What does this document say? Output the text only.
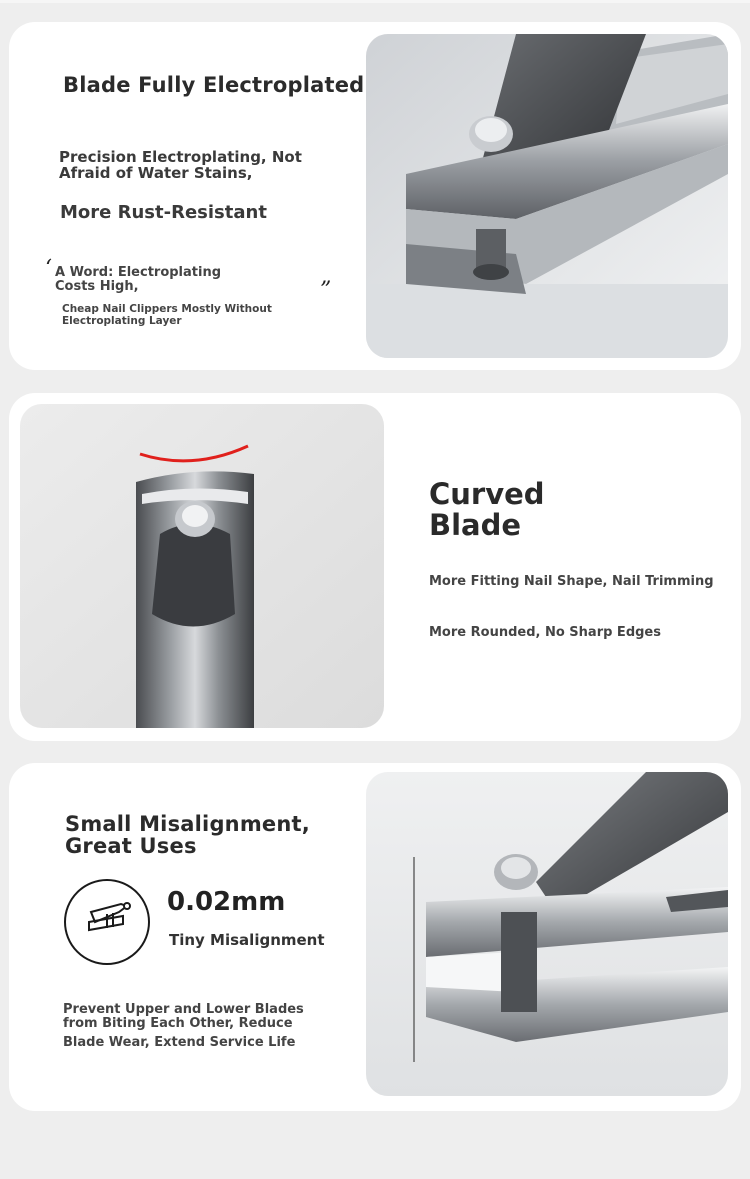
Blade Fully Electroplated
Precision Electroplating, Not
Afraid of Water Stains,
More Rust-Resistant
‘ A Word: Electroplating
Costs High,
Cheap Nail Clippers Mostly Without
Electroplating Layer
”
Curved
Blade
More Fitting Nail Shape, Nail Trimming
More Rounded, No Sharp Edges
Small Misalignment,
Great Uses
0.02mm
Tiny Misalignment
Prevent Upper and Lower Blades
from Biting Each Other, Reduce
Blade Wear, Extend Service Life
